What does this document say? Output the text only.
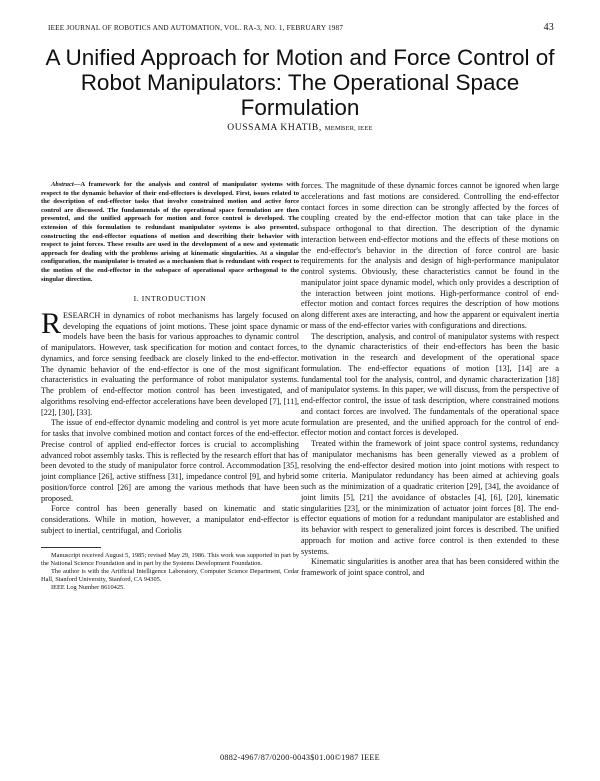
IEEE JOURNAL OF ROBOTICS AND AUTOMATION, VOL. RA-3, NO. 1, FEBRUARY 1987	43
A Unified Approach for Motion and Force Control of Robot Manipulators: The Operational Space Formulation
OUSSAMA KHATIB, MEMBER, IEEE

Abstract—A framework for the analysis and control of manipulator systems with respect to the dynamic behavior of their end-effectors is developed. First, issues related to the description of end-effector tasks that involve constrained motion and active force control are discussed. The fundamentals of the operational space formulation are then presented, and the unified approach for motion and force control is developed. The extension of this formulation to redundant manipulator systems is also presented, constructing the end-effector equations of motion and describing their behavior with respect to joint forces. These results are used in the development of a new and systematic approach for dealing with the problems arising at kinematic singularities. At a singular configuration, the manipulator is treated as a mechanism that is redundant with respect to the motion of the end-effector in the subspace of operational space orthogonal to the singular direction.

I. INTRODUCTION

RESEARCH in dynamics of robot mechanisms has largely focused on developing the equations of joint motions. These joint space dynamic models have been the basis for various approaches to dynamic control of manipulators. However, task specification for motion and contact forces, dynamics, and force sensing feedback are closely linked to the end-effector. The dynamic behavior of the end-effector is one of the most significant characteristics in evaluating the performance of robot manipulator systems. The problem of end-effector motion control has been investigated, and algorithms resolving end-effector accelerations have been developed [7], [11], [22], [30], [33].

The issue of end-effector dynamic modeling and control is yet more acute for tasks that involve combined motion and contact forces of the end-effector. Precise control of applied end-effector forces is crucial to accomplishing advanced robot assembly tasks. This is reflected by the research effort that has been devoted to the study of manipulator force control. Accommodation [35], joint compliance [26], active stiffness [31], impedance control [9], and hybrid position/force control [26] are among the various methods that have been proposed.

Force control has been generally based on kinematic and static considerations. While in motion, however, a manipulator end-effector is subject to inertial, centrifugal, and Coriolis

Manuscript received August 5, 1985; revised May 29, 1986. This work was supported in part by the National Science Foundation and in part by the Systems Development Foundation.

The author is with the Artificial Intelligence Laboratory, Computer Science Department, Cedar Hall, Stanford University, Stanford, CA 94305.

IEEE Log Number 8610425.

forces. The magnitude of these dynamic forces cannot be ignored when large accelerations and fast motions are considered. Controlling the end-effector contact forces in some direction can be strongly affected by the forces of coupling created by the end-effector motion that can take place in the subspace orthogonal to that direction. The description of the dynamic interaction between end-effector motions and the effects of these motions on the end-effector's behavior in the direction of force control are basic requirements for the analysis and design of high-performance manipulator control systems. Obviously, these characteristics cannot be found in the manipulator joint space dynamic model, which only provides a description of the interaction between joint motions. High-performance control of end-effector motion and contact forces requires the description of how motions along different axes are interacting, and how the apparent or equivalent inertia or mass of the end-effector varies with configurations and directions.

The description, analysis, and control of manipulator systems with respect to the dynamic characteristics of their end-effectors has been the basic motivation in the research and development of the operational space formulation. The end-effector equations of motion [13], [14] are a fundamental tool for the analysis, control, and dynamic characterization [18] of manipulator systems. In this paper, we will discuss, from the perspective of end-effector control, the issue of task description, where constrained motions and contact forces are involved. The fundamentals of the operational space formulation are presented, and the unified approach for the control of end-effector motion and contact forces is developed.

Treated within the framework of joint space control systems, redundancy of manipulator mechanisms has been generally viewed as a problem of resolving the end-effector desired motion into joint motions with respect to some criteria. Manipulator redundancy has been aimed at achieving goals such as the minimization of a quadratic criterion [29], [34], the avoidance of joint limits [5], [21] the avoidance of obstacles [4], [6], [20], kinematic singularities [23], or the minimization of actuator joint forces [8]. The end-effector equations of motion for a redundant manipulator are established and its behavior with respect to generalized joint forces is described. The unified approach for motion and active force control is then extended to these systems.

Kinematic singularities is another area that has been considered within the framework of joint space control, and

0882-4967/87/0200-0043$01.00©1987 IEEE
